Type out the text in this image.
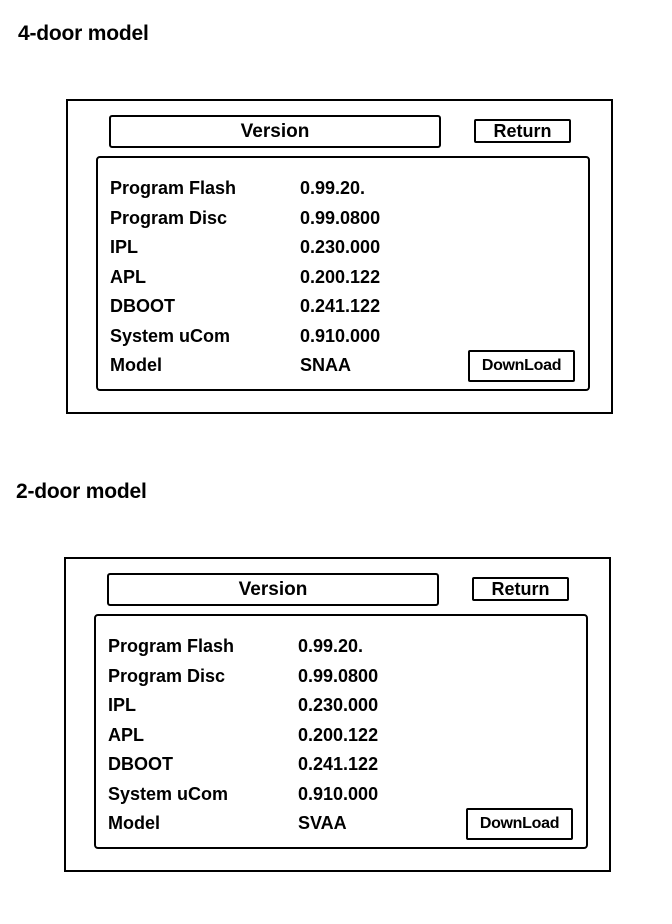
4-door model
Version	Return
Program Flash	0.99.20.
Program Disc	0.99.0800
IPL	0.230.000
APL	0.200.122
DBOOT	0.241.122
System uCom	0.910.000
Model	SNAA	DownLoad
2-door model
Version	Return
Program Flash	0.99.20.
Program Disc	0.99.0800
IPL	0.230.000
APL	0.200.122
DBOOT	0.241.122
System uCom	0.910.000
Model	SVAA	DownLoad
